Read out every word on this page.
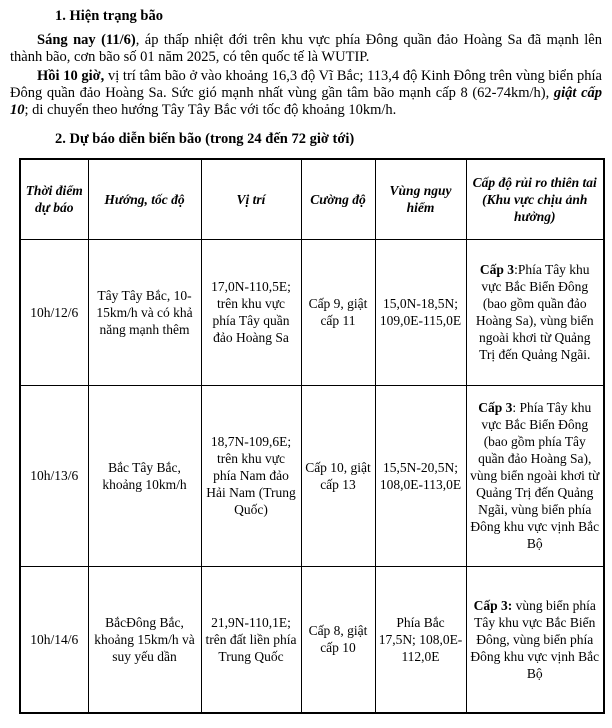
1. Hiện trạng bão

Sáng nay (11/6), áp thấp nhiệt đới trên khu vực phía Đông quần đảo Hoàng Sa đã mạnh lên thành bão, cơn bão số 01 năm 2025, có tên quốc tế là WUTIP.

Hồi 10 giờ, vị trí tâm bão ở vào khoảng 16,3 độ Vĩ Bắc; 113,4 độ Kinh Đông trên vùng biển phía Đông quần đảo Hoàng Sa. Sức gió mạnh nhất vùng gần tâm bão mạnh cấp 8 (62-74km/h), giật cấp 10; di chuyển theo hướng Tây Tây Bắc với tốc độ khoảng 10km/h.

2. Dự báo diễn biến bão (trong 24 đến 72 giờ tới)
Thời điểm dự báo	Hướng, tốc độ	Vị trí	Cường độ	Vùng nguy hiểm	Cấp độ rủi ro thiên tai (Khu vực chịu ảnh hưởng)
10h/12/6	Tây Tây Bắc, 10-15km/h và có khả năng mạnh thêm	17,0N-110,5E; trên khu vực phía Tây quần đảo Hoàng Sa	Cấp 9, giật cấp 11	15,0N-18,5N; 109,0E-115,0E	Cấp 3:Phía Tây khu vực Bắc Biển Đông (bao gồm quần đảo Hoàng Sa), vùng biển ngoài khơi từ Quảng Trị đến Quảng Ngãi.
10h/13/6	Bắc Tây Bắc, khoảng 10km/h	18,7N-109,6E; trên khu vực phía Nam đảo Hải Nam (Trung Quốc)	Cấp 10, giật cấp 13	15,5N-20,5N; 108,0E-113,0E	Cấp 3: Phía Tây khu vực Bắc Biển Đông (bao gồm phía Tây quần đảo Hoàng Sa), vùng biển ngoài khơi từ Quảng Trị đến Quảng Ngãi, vùng biển phía Đông khu vực vịnh Bắc Bộ
10h/14/6	BắcĐông Bắc, khoảng 15km/h và suy yếu dần	21,9N-110,1E; trên đất liền phía Trung Quốc	Cấp 8, giật cấp 10	Phía Bắc 17,5N; 108,0E-112,0E	Cấp 3: vùng biển phía Tây khu vực Bắc Biển Đông, vùng biển phía Đông khu vực vịnh Bắc Bộ
